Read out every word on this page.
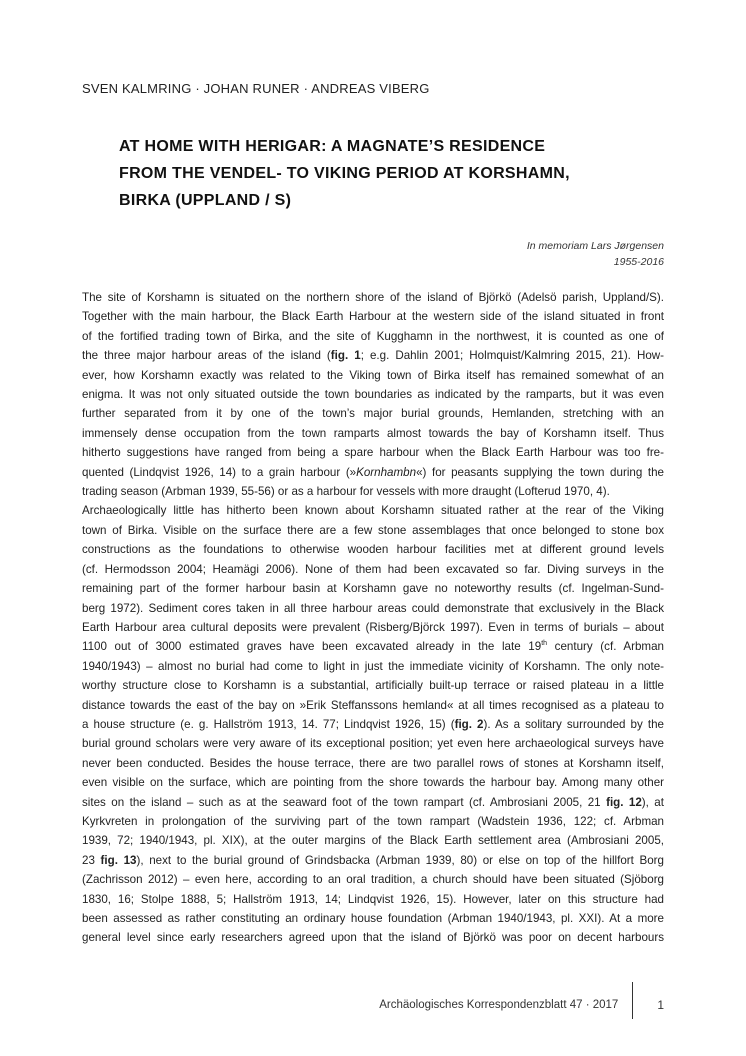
SVEN KALMRING · JOHAN RUNER · ANDREAS VIBERG
AT HOME WITH HERIGAR: A MAGNATE’S RESIDENCE
FROM THE VENDEL- TO VIKING PERIOD AT KORSHAMN,
BIRKA (UPPLAND / S)
In memoriam Lars Jørgensen
1955-2016
The site of Korshamn is situated on the northern shore of the island of Björkö (Adelsö parish, Uppland/S).
Together with the main harbour, the Black Earth Harbour at the western side of the island situated in front
of the fortified trading town of Birka, and the site of Kugghamn in the northwest, it is counted as one of
the three major harbour areas of the island (fig. 1; e.g. Dahlin 2001; Holmquist/Kalmring 2015, 21). How-
ever, how Korshamn exactly was related to the Viking town of Birka itself has remained somewhat of an
enigma. It was not only situated outside the town boundaries as indicated by the ramparts, but it was even
further separated from it by one of the town’s major burial grounds, Hemlanden, stretching with an
immensely dense occupation from the town ramparts almost towards the bay of Korshamn itself. Thus
hitherto suggestions have ranged from being a spare harbour when the Black Earth Harbour was too fre-
quented (Lindqvist 1926, 14) to a grain harbour (»Kornhambn«) for peasants supplying the town during the
trading season (Arbman 1939, 55-56) or as a harbour for vessels with more draught (Lofterud 1970, 4).
Archaeologically little has hitherto been known about Korshamn situated rather at the rear of the Viking
town of Birka. Visible on the surface there are a few stone assemblages that once belonged to stone box
constructions as the foundations to otherwise wooden harbour facilities met at different ground levels
(cf. Hermodsson 2004; Heamägi 2006). None of them had been excavated so far. Diving surveys in the
remaining part of the former harbour basin at Korshamn gave no noteworthy results (cf. Ingelman-Sund-
berg 1972). Sediment cores taken in all three harbour areas could demonstrate that exclusively in the Black
Earth Harbour area cultural deposits were prevalent (Risberg/Björck 1997). Even in terms of burials – about
1100 out of 3000 estimated graves have been excavated already in the late 19th century (cf. Arbman
1940/1943) – almost no burial had come to light in just the immediate vicinity of Korshamn. The only note-
worthy structure close to Korshamn is a substantial, artificially built-up terrace or raised plateau in a little
distance towards the east of the bay on »Erik Steffanssons hemland« at all times recognised as a plateau to
a house structure (e. g. Hallström 1913, 14. 77; Lindqvist 1926, 15) (fig. 2). As a solitary surrounded by the
burial ground scholars were very aware of its exceptional position; yet even here archaeological surveys have
never been conducted. Besides the house terrace, there are two parallel rows of stones at Korshamn itself,
even visible on the surface, which are pointing from the shore towards the harbour bay. Among many other
sites on the island – such as at the seaward foot of the town rampart (cf. Ambrosiani 2005, 21 fig. 12), at
Kyrkvreten in prolongation of the surviving part of the town rampart (Wadstein 1936, 122; cf. Arbman
1939, 72; 1940/1943, pl. XIX), at the outer margins of the Black Earth settlement area (Ambrosiani 2005,
23 fig. 13), next to the burial ground of Grindsbacka (Arbman 1939, 80) or else on top of the hillfort Borg
(Zachrisson 2012) – even here, according to an oral tradition, a church should have been situated (Sjöborg
1830, 16; Stolpe 1888, 5; Hallström 1913, 14; Lindqvist 1926, 15). However, later on this structure had
been assessed as rather constituting an ordinary house foundation (Arbman 1940/1943, pl. XXI). At a more
general level since early researchers agreed upon that the island of Björkö was poor on decent harbours
Archäologisches Korrespondenzblatt 47 · 2017	1
